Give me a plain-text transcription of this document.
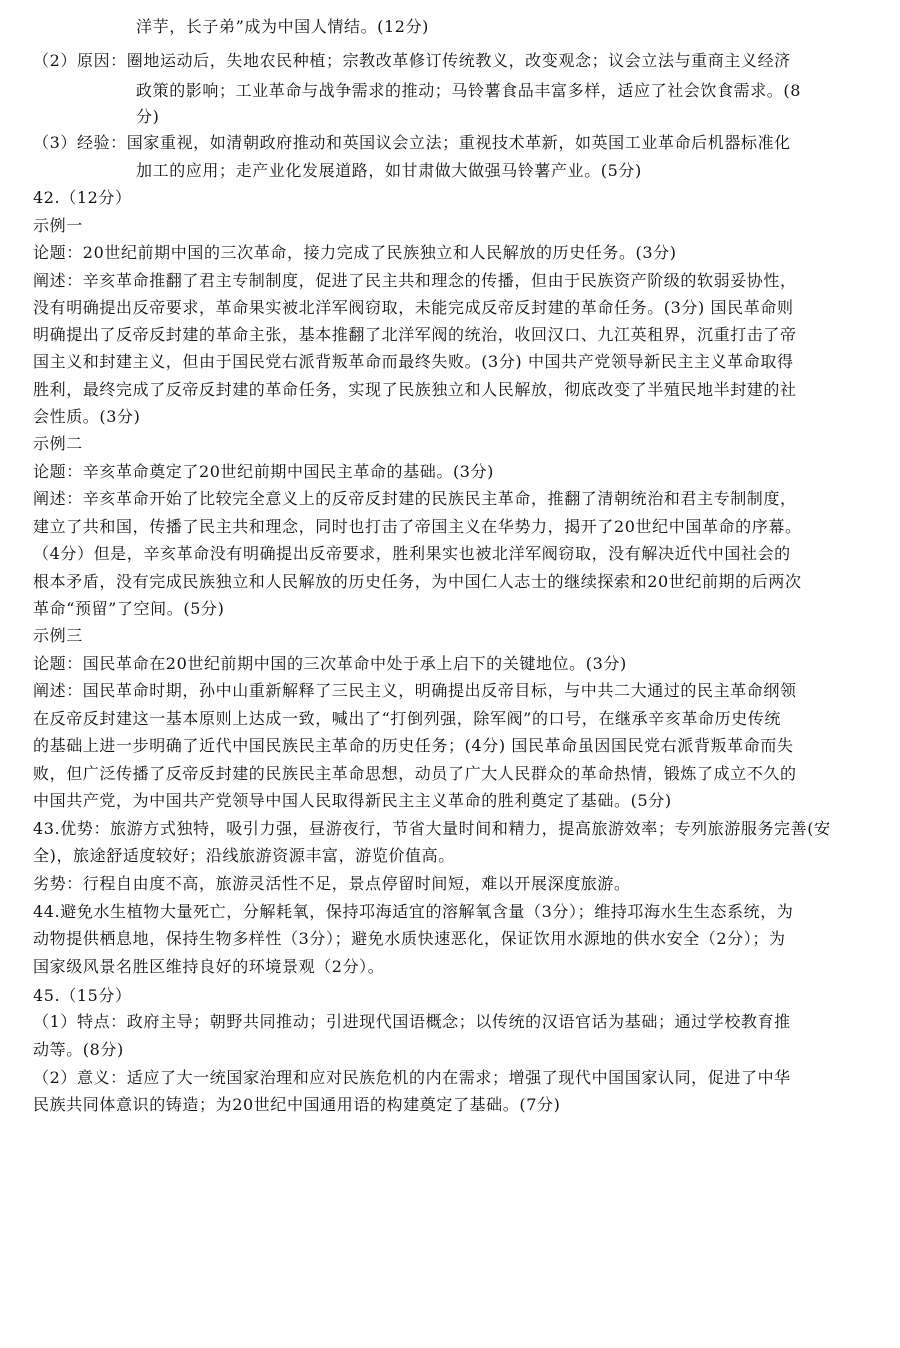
洋芋，长子弟”成为中国人情结。(12分)
（2）原因：圈地运动后，失地农民种植；宗教改革修订传统教义，改变观念；议会立法与重商主义经济
政策的影响；工业革命与战争需求的推动；马铃薯食品丰富多样，适应了社会饮食需求。(8
分)
（3）经验：国家重视，如清朝政府推动和英国议会立法；重视技术革新，如英国工业革命后机器标准化
加工的应用；走产业化发展道路，如甘肃做大做强马铃薯产业。(5分)
42.（12分）
示例一
论题：20世纪前期中国的三次革命，接力完成了民族独立和人民解放的历史任务。(3分)
阐述：辛亥革命推翻了君主专制制度，促进了民主共和理念的传播，但由于民族资产阶级的软弱妥协性，
没有明确提出反帝要求，革命果实被北洋军阀窃取，未能完成反帝反封建的革命任务。(3分) 国民革命则
明确提出了反帝反封建的革命主张，基本推翻了北洋军阀的统治，收回汉口、九江英租界，沉重打击了帝
国主义和封建主义，但由于国民党右派背叛革命而最终失败。(3分) 中国共产党领导新民主主义革命取得
胜利，最终完成了反帝反封建的革命任务，实现了民族独立和人民解放，彻底改变了半殖民地半封建的社
会性质。(3分)
示例二
论题：辛亥革命奠定了20世纪前期中国民主革命的基础。(3分)
阐述：辛亥革命开始了比较完全意义上的反帝反封建的民族民主革命，推翻了清朝统治和君主专制制度，
建立了共和国，传播了民主共和理念，同时也打击了帝国主义在华势力，揭开了20世纪中国革命的序幕。
（4分）但是，辛亥革命没有明确提出反帝要求，胜利果实也被北洋军阀窃取，没有解决近代中国社会的
根本矛盾，没有完成民族独立和人民解放的历史任务，为中国仁人志士的继续探索和20世纪前期的后两次
革命“预留”了空间。(5分)
示例三
论题：国民革命在20世纪前期中国的三次革命中处于承上启下的关键地位。(3分)
阐述：国民革命时期，孙中山重新解释了三民主义，明确提出反帝目标，与中共二大通过的民主革命纲领
在反帝反封建这一基本原则上达成一致，喊出了“打倒列强，除军阀”的口号，在继承辛亥革命历史传统
的基础上进一步明确了近代中国民族民主革命的历史任务；(4分) 国民革命虽因国民党右派背叛革命而失
败，但广泛传播了反帝反封建的民族民主革命思想，动员了广大人民群众的革命热情，锻炼了成立不久的
中国共产党，为中国共产党领导中国人民取得新民主主义革命的胜利奠定了基础。(5分)
43.优势：旅游方式独特，吸引力强，昼游夜行，节省大量时间和精力，提高旅游效率；专列旅游服务完善(安
全)，旅途舒适度较好；沿线旅游资源丰富，游览价值高。
劣势：行程自由度不高，旅游灵活性不足，景点停留时间短，难以开展深度旅游。
44.避免水生植物大量死亡，分解耗氧，保持邛海适宜的溶解氧含量（3分）；维持邛海水生生态系统，为
动物提供栖息地，保持生物多样性（3分）；避免水质快速恶化，保证饮用水源地的供水安全（2分）；为
国家级风景名胜区维持良好的环境景观（2分）。
45.（15分）
（1）特点：政府主导；朝野共同推动；引进现代国语概念；以传统的汉语官话为基础；通过学校教育推
动等。(8分)
（2）意义：适应了大一统国家治理和应对民族危机的内在需求；增强了现代中国国家认同，促进了中华
民族共同体意识的铸造；为20世纪中国通用语的构建奠定了基础。(7分)
